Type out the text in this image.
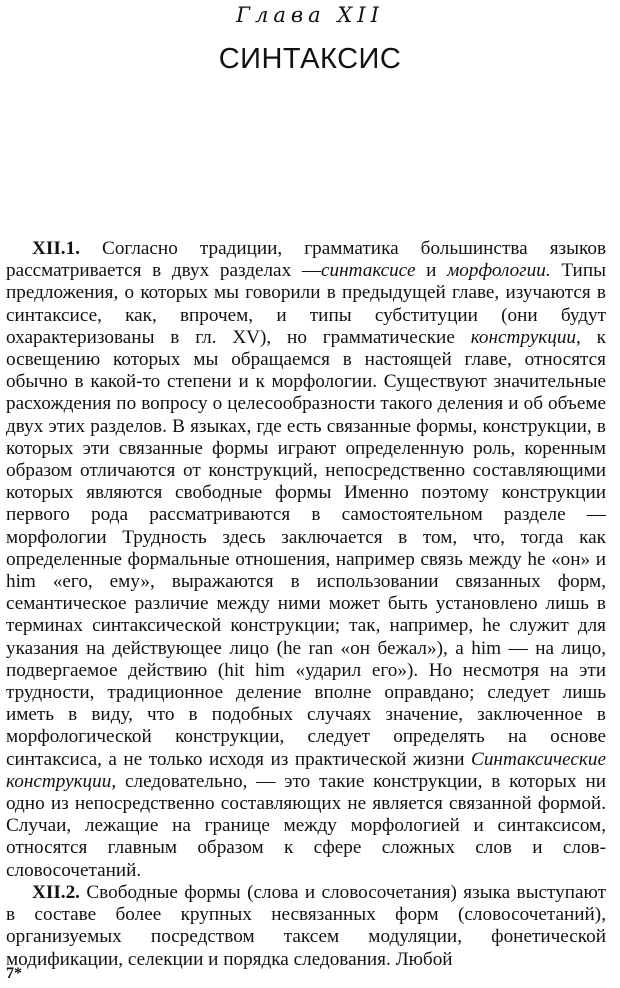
Глава XII
СИНТАКСИС

XII.1. Согласно традиции, грамматика большинства языков рассматривается в двух разделах —синтаксисе и морфологии. Типы предложения, о которых мы говорили в предыдущей главе, изучаются в синтаксисе, как, впрочем, и типы субституции (они будут охарактеризованы в гл. XV), но грамматические конструкции, к освещению которых мы обращаемся в настоящей главе, относятся обычно в какой-то степени и к морфологии. Существуют значительные расхождения по вопросу о целесообразности такого деления и об объеме двух этих разделов. В языках, где есть связанные формы, конструкции, в которых эти связанные формы играют определенную роль, коренным образом отличаются от конструкций, непосредственно составляющими которых являются свободные формы Именно поэтому конструкции первого рода рассматриваются в самостоятельном разделе — морфологии Трудность здесь заключается в том, что, тогда как определенные формальные отношения, например связь между he «он» и him «его, ему», выражаются в использовании связанных форм, семантическое различие между ними может быть установлено лишь в терминах синтаксической конструкции; так, например, he служит для указания на действующее лицо (he ran «он бежал»), а him — на лицо, подвергаемое действию (hit him «ударил его»). Но несмотря на эти трудности, традиционное деление вполне оправдано; следует лишь иметь в виду, что в подобных случаях значение, заключенное в морфологической конструкции, следует определять на основе синтаксиса, а не только исходя из практической жизни Синтаксические конструкции, следовательно, — это такие конструкции, в которых ни одно из непосредственно составляющих не является связанной формой. Случаи, лежащие на границе между морфологией и синтаксисом, относятся главным образом к сфере сложных слов и слов-словосочетаний.

XII.2. Свободные формы (слова и словосочетания) языка выступают в составе более крупных несвязанных форм (словосочетаний), организуемых посредством таксем модуляции, фонетической модификации, селекции и порядка следования. Любой

7*
